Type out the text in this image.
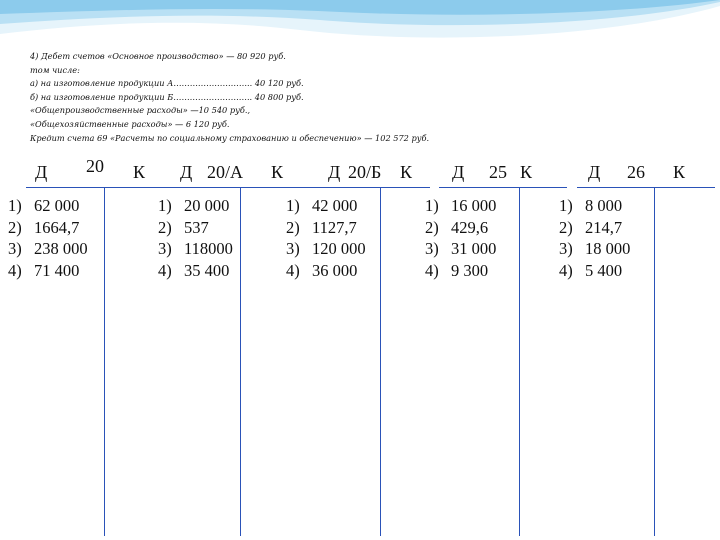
4) Дебет счетов «Основное производство» — 80 920 руб.
том числе:
а) на изготовление продукции А……………………….. 40 120 руб.
б) на изготовление продукции Б……………………….. 40 800 руб.
«Общепроизводственные расходы» —10 540 руб.,
«Общехозяйственные расходы» — 6 120 руб.
Кредит счета 69 «Расчеты по социальному страхованию и обеспечению» — 102 572 руб.
Д 20 К
1) 62 000
2) 1664,7
3) 238 000
4) 71 400
Д 20/А К
1) 20 000
2) 537
3) 118000
4) 35 400
Д 20/Б К
1) 42 000
2) 1127,7
3) 120 000
4) 36 000
Д 25 К
1) 16 000
2) 429,6
3) 31 000
4) 9 300
Д 26 К
1) 8 000
2) 214,7
3) 18 000
4) 5 400
